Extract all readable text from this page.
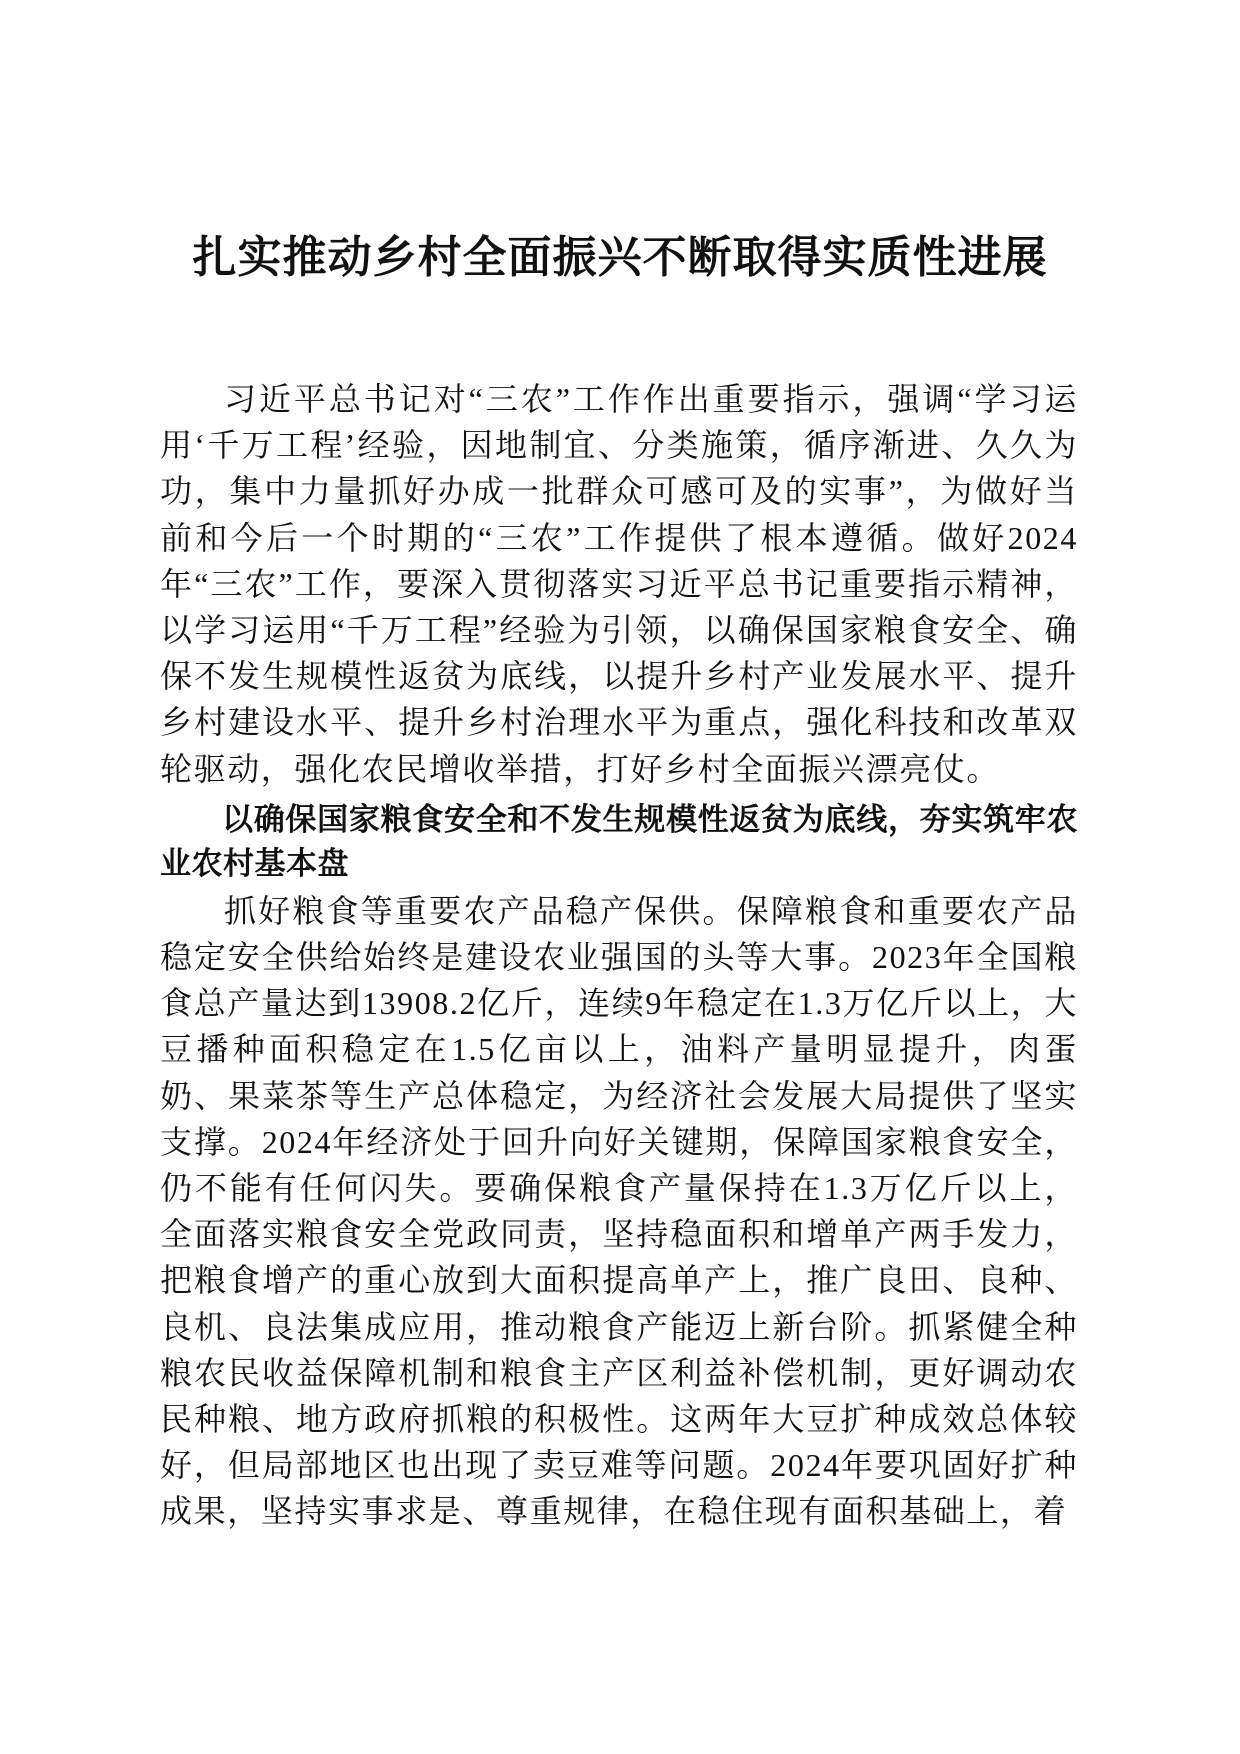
扎实推动乡村全面振兴不断取得实质性进展

习近平总书记对“三农”工作作出重要指示，强调“学习运用‘千万工程’经验，因地制宜、分类施策，循序渐进、久久为功，集中力量抓好办成一批群众可感可及的实事”，为做好当前和今后一个时期的“三农”工作提供了根本遵循。做好2024年“三农”工作，要深入贯彻落实习近平总书记重要指示精神，以学习运用“千万工程”经验为引领，以确保国家粮食安全、确保不发生规模性返贫为底线，以提升乡村产业发展水平、提升乡村建设水平、提升乡村治理水平为重点，强化科技和改革双轮驱动，强化农民增收举措，打好乡村全面振兴漂亮仗。

以确保国家粮食安全和不发生规模性返贫为底线，夯实筑牢农业农村基本盘

抓好粮食等重要农产品稳产保供。保障粮食和重要农产品稳定安全供给始终是建设农业强国的头等大事。2023年全国粮食总产量达到13908.2亿斤，连续9年稳定在1.3万亿斤以上，大豆播种面积稳定在1.5亿亩以上，油料产量明显提升，肉蛋奶、果菜茶等生产总体稳定，为经济社会发展大局提供了坚实支撑。2024年经济处于回升向好关键期，保障国家粮食安全，仍不能有任何闪失。要确保粮食产量保持在1.3万亿斤以上，全面落实粮食安全党政同责，坚持稳面积和增单产两手发力，把粮食增产的重心放到大面积提高单产上，推广良田、良种、良机、良法集成应用，推动粮食产能迈上新台阶。抓紧健全种粮农民收益保障机制和粮食主产区利益补偿机制，更好调动农民种粮、地方政府抓粮的积极性。这两年大豆扩种成效总体较好，但局部地区也出现了卖豆难等问题。2024年要巩固好扩种成果，坚持实事求是、尊重规律，在稳住现有面积基础上，着
